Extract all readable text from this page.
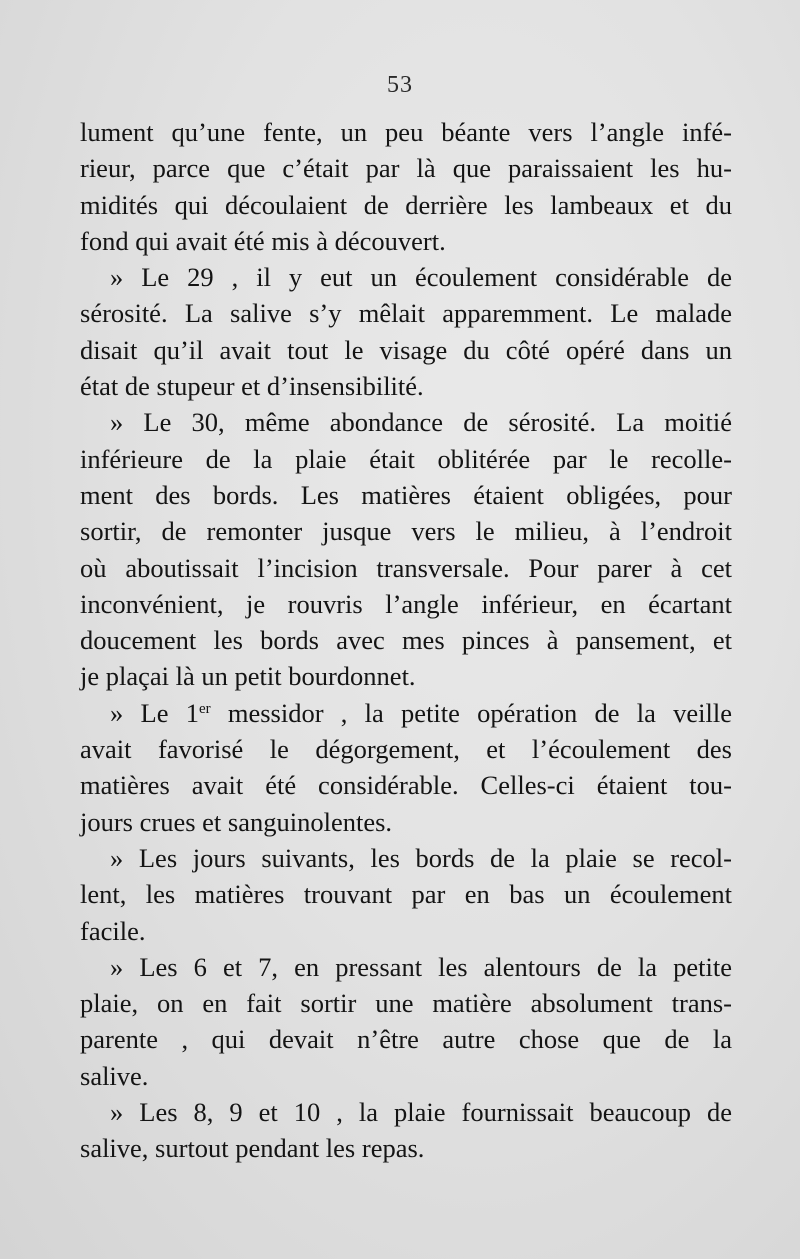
53
lument qu’une fente, un peu béante vers l’angle infé-
rieur, parce que c’était par là que paraissaient les hu-
midités qui découlaient de derrière les lambeaux et du
fond qui avait été mis à découvert.
» Le 29 , il y eut un écoulement considérable de
sérosité. La salive s’y mêlait apparemment. Le malade
disait qu’il avait tout le visage du côté opéré dans un
état de stupeur et d’insensibilité.
» Le 30, même abondance de sérosité. La moitié
inférieure de la plaie était oblitérée par le recolle-
ment des bords. Les matières étaient obligées, pour
sortir, de remonter jusque vers le milieu, à l’endroit
où aboutissait l’incision transversale. Pour parer à cet
inconvénient, je rouvris l’angle inférieur, en écartant
doucement les bords avec mes pinces à pansement, et
je plaçai là un petit bourdonnet.
» Le 1er messidor , la petite opération de la veille
avait favorisé le dégorgement, et l’écoulement des
matières avait été considérable. Celles-ci étaient tou-
jours crues et sanguinolentes.
» Les jours suivants, les bords de la plaie se recol-
lent, les matières trouvant par en bas un écoulement
facile.
» Les 6 et 7, en pressant les alentours de la petite
plaie, on en fait sortir une matière absolument trans-
parente , qui devait n’être autre chose que de la
salive.
» Les 8, 9 et 10 , la plaie fournissait beaucoup de
salive, surtout pendant les repas.
